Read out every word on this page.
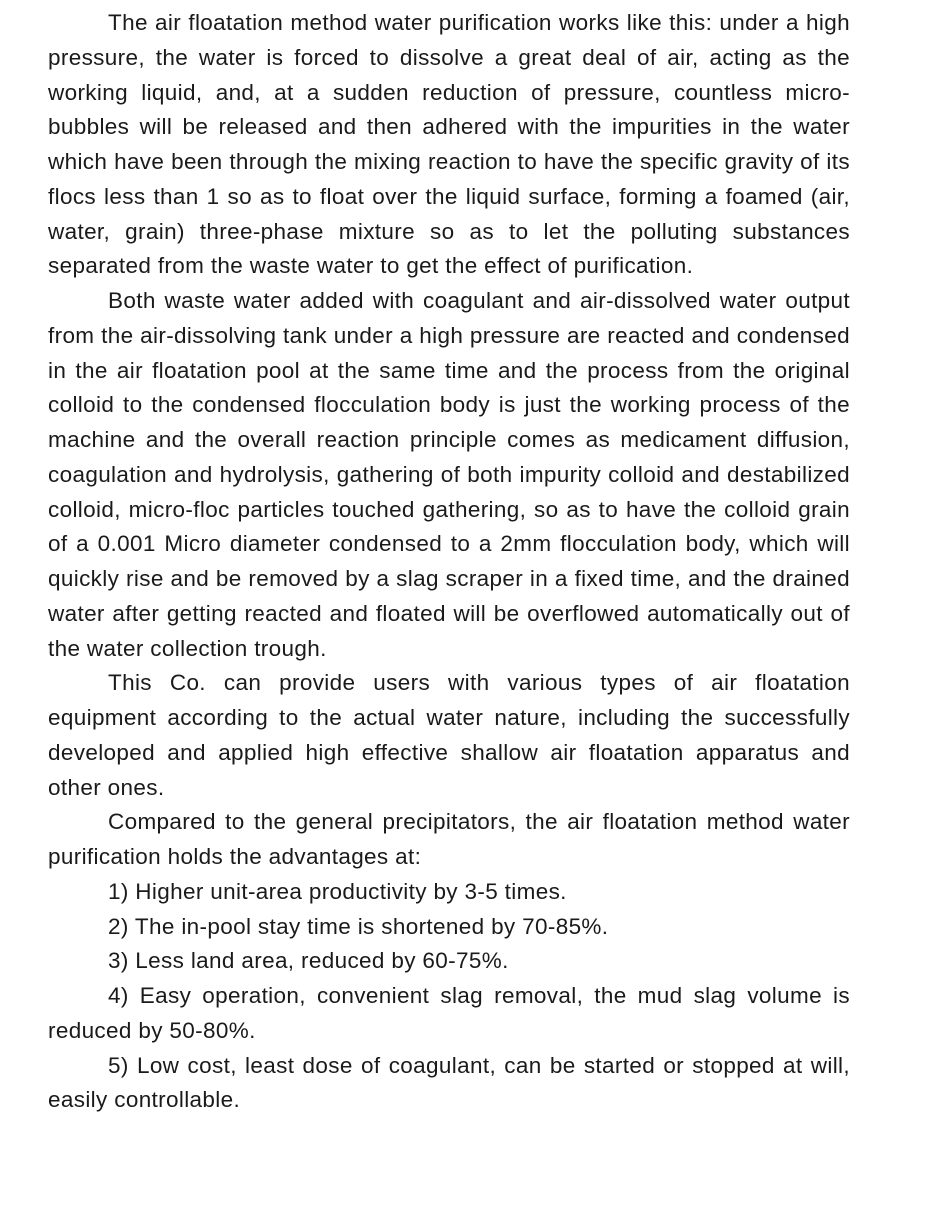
The air floatation method water purification works like this: under a high pressure, the water is forced to dissolve a great deal of air, acting as the working liquid, and, at a sudden reduction of pressure, countless micro-bubbles will be released and then adhered with the impurities in the water which have been through the mixing reaction to have the specific gravity of its flocs less than 1 so as to float over the liquid surface, forming a foamed (air, water, grain) three-phase mixture so as to let the polluting substances separated from the waste water to get the effect of purification.

Both waste water added with coagulant and air-dissolved water output from the air-dissolving tank under a high pressure are reacted and condensed in the air floatation pool at the same time and the process from the original colloid to the condensed flocculation body is just the working process of the machine and the overall reaction principle comes as medicament diffusion, coagulation and hydrolysis, gathering of both impurity colloid and destabilized colloid, micro-floc particles touched gathering, so as to have the colloid grain of a 0.001 Micro diameter condensed to a 2mm flocculation body, which will quickly rise and be removed by a slag scraper in a fixed time, and the drained water after getting reacted and floated will be overflowed automatically out of the water collection trough.

This Co. can provide users with various types of air floatation equipment according to the actual water nature, including the successfully developed and applied high effective shallow air floatation apparatus and other ones.

Compared to the general precipitators, the air floatation method water purification holds the advantages at:

1) Higher unit-area productivity by 3-5 times.

2) The in-pool stay time is shortened by 70-85%.

3) Less land area, reduced by 60-75%.

4) Easy operation, convenient slag removal, the mud slag volume is reduced by 50-80%.

5) Low cost, least dose of coagulant, can be started or stopped at will, easily controllable.
